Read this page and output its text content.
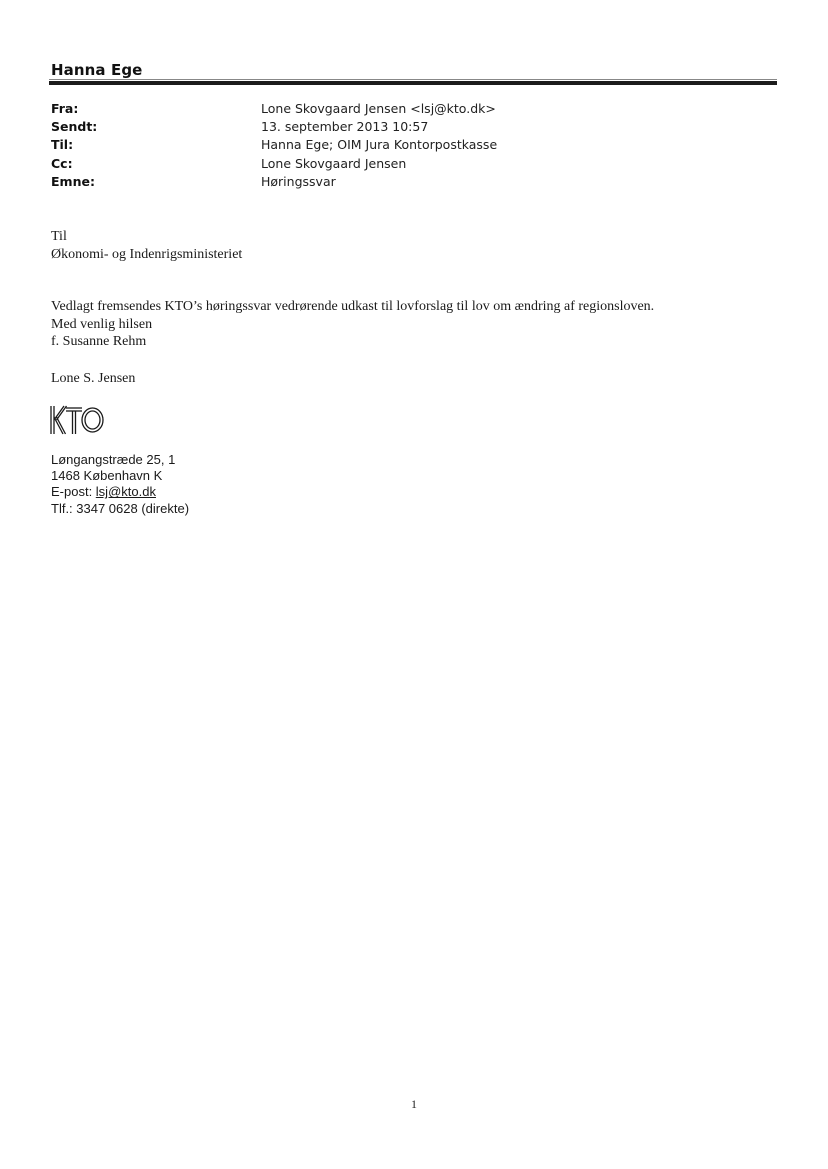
Hanna Ege
Fra:	Lone Skovgaard Jensen <lsj@kto.dk>
Sendt:	13. september 2013 10:57
Til:	Hanna Ege; OIM Jura Kontorpostkasse
Cc:	Lone Skovgaard Jensen
Emne:	Høringssvar
Til
Økonomi- og Indenrigsministeriet
Vedlagt fremsendes KTO’s høringssvar vedrørende udkast til lovforslag til lov om ændring af regionsloven.
Med venlig hilsen
f. Susanne Rehm
Lone S. Jensen
Løngangstræde 25, 1
1468 København K
E-post: lsj@kto.dk
Tlf.: 3347 0628 (direkte)
1
